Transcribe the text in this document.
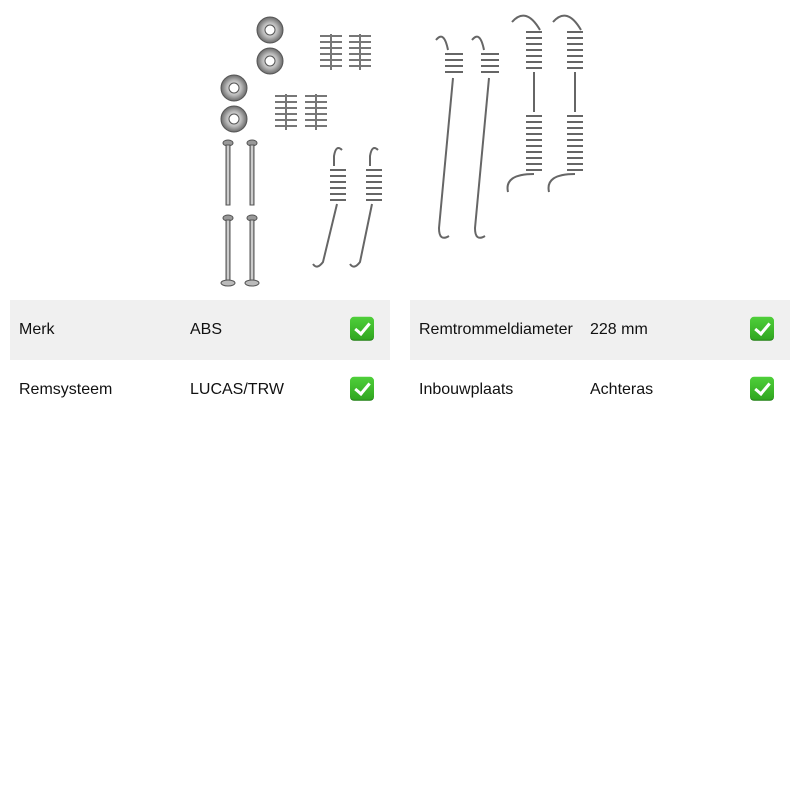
Merk	ABS
Remsysteem	LUCAS/TRW
Remtrommeldiameter 228 mm
Inbouwplaats	Achteras
